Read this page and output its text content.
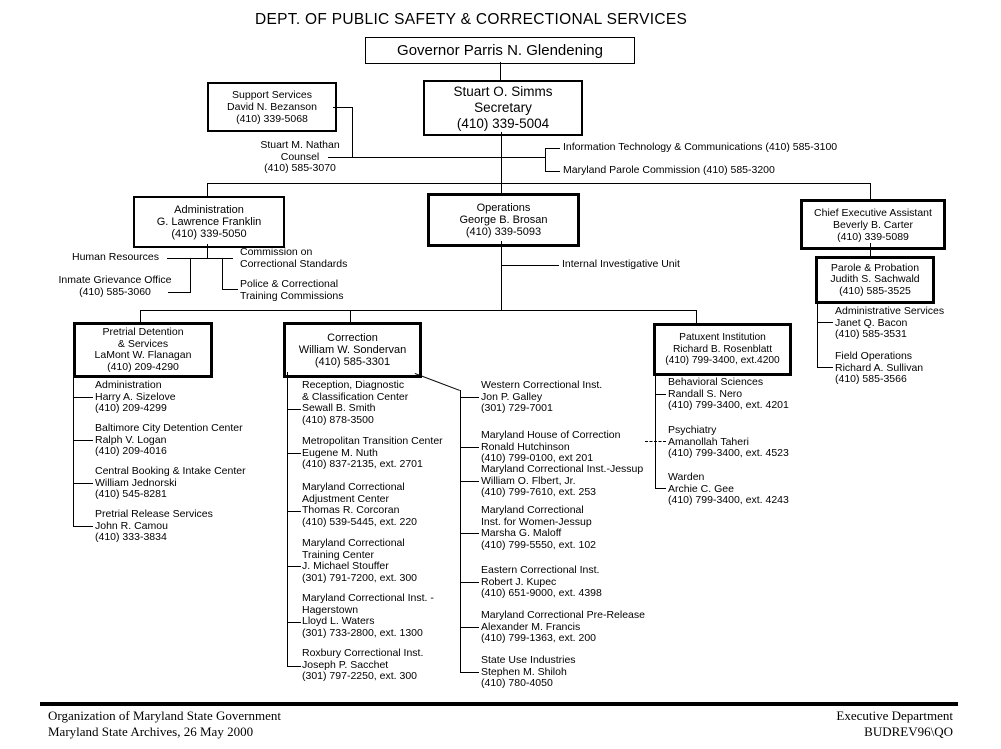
DEPT. OF PUBLIC SAFETY & CORRECTIONAL SERVICES
Governor Parris N. Glendening
Stuart O. Simms
Secretary
(410) 339-5004
Support Services
David N. Bezanson
(410) 339-5068
Stuart M. Nathan
Counsel
(410) 585-3070
Information Technology & Communications (410) 585-3100
Maryland Parole Commission (410) 585-3200
Internal Investigative Unit
Administration
G. Lawrence Franklin
(410) 339-5050
Human Resources
Inmate Grievance Office
(410) 585-3060
Commission on
Correctional Standards
Police & Correctional
Training Commissions
Operations
George B. Brosan
(410) 339-5093
Chief Executive Assistant
Beverly B. Carter
(410) 339-5089
Parole & Probation
Judith S. Sachwald
(410) 585-3525
Administrative Services
Janet Q. Bacon
(410) 585-3531
Field Operations
Richard A. Sullivan
(410) 585-3566
Pretrial Detention
& Services
LaMont W. Flanagan
(410) 209-4290
Administration
Harry A. Sizelove
(410) 209-4299
Baltimore City Detention Center
Ralph V. Logan
(410) 209-4016
Central Booking & Intake Center
William Jednorski
(410) 545-8281
Pretrial Release Services
John R. Camou
(410) 333-3834
Correction
William W. Sondervan
(410) 585-3301
Reception, Diagnostic
& Classification Center
Sewall B. Smith
(410) 878-3500
Metropolitan Transition Center
Eugene M. Nuth
(410) 837-2135, ext. 2701
Maryland Correctional
Adjustment Center
Thomas R. Corcoran
(410) 539-5445, ext. 220
Maryland Correctional
Training Center
J. Michael Stouffer
(301) 791-7200, ext. 300
Maryland Correctional Inst. -
Hagerstown
Lloyd L. Waters
(301) 733-2800, ext. 1300
Roxbury Correctional Inst.
Joseph P. Sacchet
(301) 797-2250, ext. 300
Western Correctional Inst.
Jon P. Galley
(301) 729-7001
Maryland House of Correction
Ronald Hutchinson
(410) 799-0100, ext 201
Maryland Correctional Inst.-Jessup
William O. Flbert, Jr.
(410) 799-7610, ext. 253
Maryland Correctional
Inst. for Women-Jessup
Marsha G. Maloff
(410) 799-5550, ext. 102
Eastern Correctional Inst.
Robert J. Kupec
(410) 651-9000, ext. 4398
Maryland Correctional Pre-Release
Alexander M. Francis
(410) 799-1363, ext. 200
State Use Industries
Stephen M. Shiloh
(410) 780-4050
Patuxent Institution
Richard B. Rosenblatt
(410) 799-3400, ext.4200
Behavioral Sciences
Randall S. Nero
(410) 799-3400, ext. 4201
Psychiatry
Amanollah Taheri
(410) 799-3400, ext. 4523
Warden
Archie C. Gee
(410) 799-3400, ext. 4243
Organization of Maryland State Government
Maryland State Archives, 26 May 2000
Executive Department
BUDREV96\QO
